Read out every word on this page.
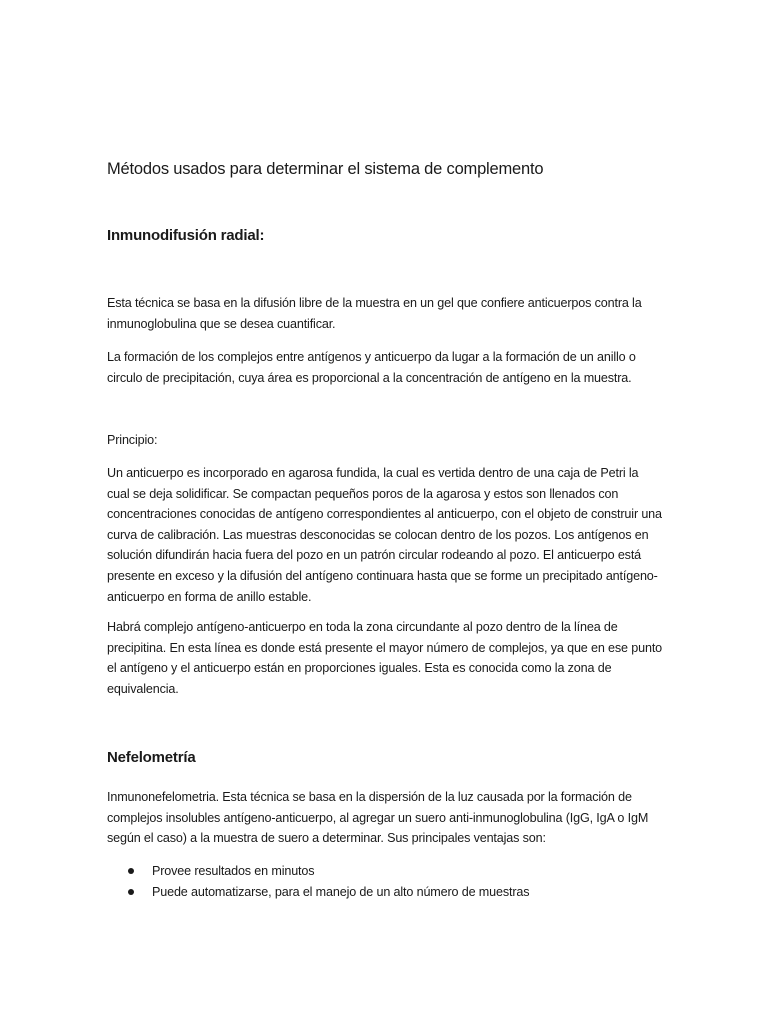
Métodos usados para determinar el sistema de complemento
Inmunodifusión radial:

Esta técnica se basa en la difusión libre de la muestra en un gel que confiere anticuerpos contra la inmunoglobulina que se desea cuantificar.

La formación de los complejos entre antígenos y anticuerpo da lugar a la formación de un anillo o circulo de precipitación, cuya área es proporcional a la concentración de antígeno en la muestra.

Principio:

Un anticuerpo es incorporado en agarosa fundida, la cual es vertida dentro de una caja de Petri la cual se deja solidificar. Se compactan pequeños poros de la agarosa y estos son llenados con concentraciones conocidas de antígeno correspondientes al anticuerpo, con el objeto de construir una curva de calibración. Las muestras desconocidas se colocan dentro de los pozos. Los antígenos en solución difundirán hacia fuera del pozo en un patrón circular rodeando al pozo. El anticuerpo está presente en exceso y la difusión del antígeno continuara hasta que se forme un precipitado antígeno-anticuerpo en forma de anillo estable.

Habrá complejo antígeno-anticuerpo en toda la zona circundante al pozo dentro de la línea de precipitina. En esta línea es donde está presente el mayor número de complejos, ya que en ese punto el antígeno y el anticuerpo están en proporciones iguales. Esta es conocida como la zona de equivalencia.

Nefelometría

Inmunonefelometria. Esta técnica se basa en la dispersión de la luz causada por la formación de complejos insolubles antígeno-anticuerpo, al agregar un suero anti-inmunoglobulina (IgG, IgA o IgM según el caso) a la muestra de suero a determinar. Sus principales ventajas son:

Provee resultados en minutos
Puede automatizarse, para el manejo de un alto número de muestras
